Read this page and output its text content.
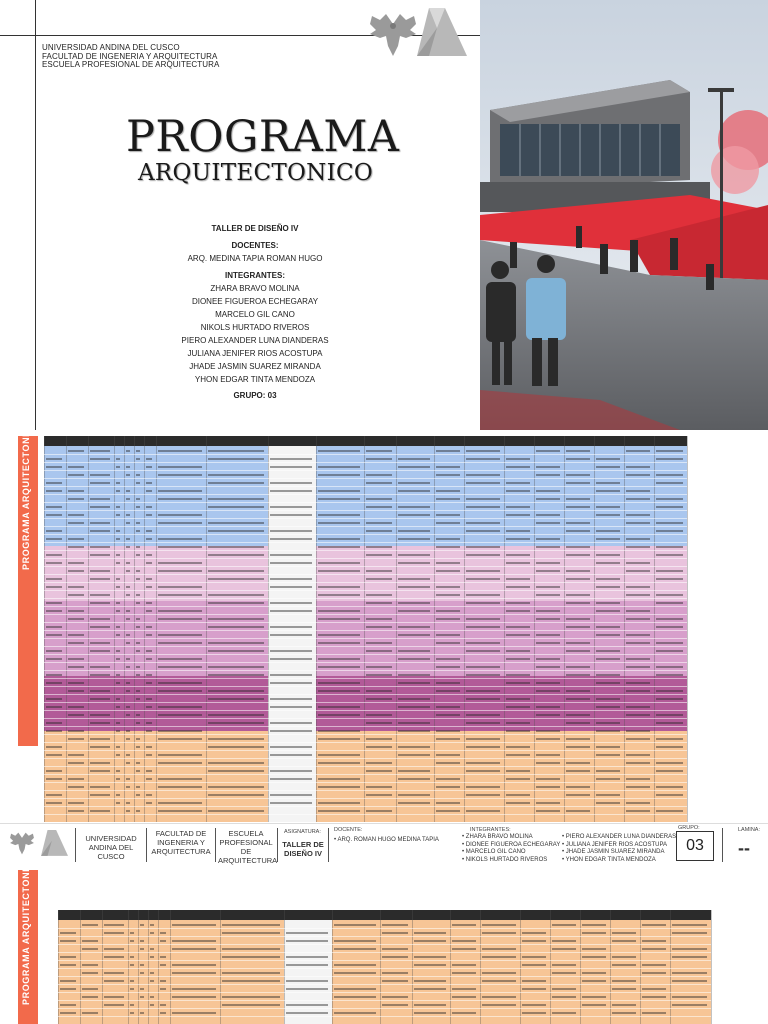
UNIVERSIDAD ANDINA DEL CUSCO
FACULTAD DE INGENERIA Y ARQUITECTURA
ESCUELA PROFESIONAL DE ARQUITECTURA
PROGRAMA
ARQUITECTONICO
TALLER DE DISEÑO IV
DOCENTES:
ARQ. MEDINA TAPIA ROMAN HUGO
INTEGRANTES:
ZHARA BRAVO MOLINA
DIONEE FIGUEROA ECHEGARAY
MARCELO GIL CANO
NIKOLS HURTADO RIVEROS
PIERO ALEXANDER LUNA DIANDERAS
JULIANA JENIFER RIOS ACOSTUPA
JHADE JASMIN SUAREZ MIRANDA
YHON EDGAR TINTA MENDOZA
GRUPO: 03
PROGRAMA ARQUITECTONICO
UNIVERSIDAD ANDINA DEL CUSCO
FACULTAD DE INGENERIA Y ARQUITECTURA
ESCUELA PROFESIONAL DE ARQUITECTURA
ASIGNATURA:
TALLER DE DISEÑO IV
DOCENTE:
• ARQ. ROMAN HUGO MEDINA TAPIA
INTEGRANTES:
• ZHARA BRAVO MOLINA
• DIONEE FIGUEROA ECHEGARAY
• MARCELO GIL CANO
• NIKOLS HURTADO RIVEROS
• PIERO ALEXANDER LUNA DIANDERAS
• JULIANA JENIFER RIOS ACOSTUPA
• JHADE JASMIN SUAREZ MIRANDA
• YHON EDGAR TINTA MENDOZA
GRUPO:
03
LAMINA:
--
PROGRAMA ARQUITECTONICO
